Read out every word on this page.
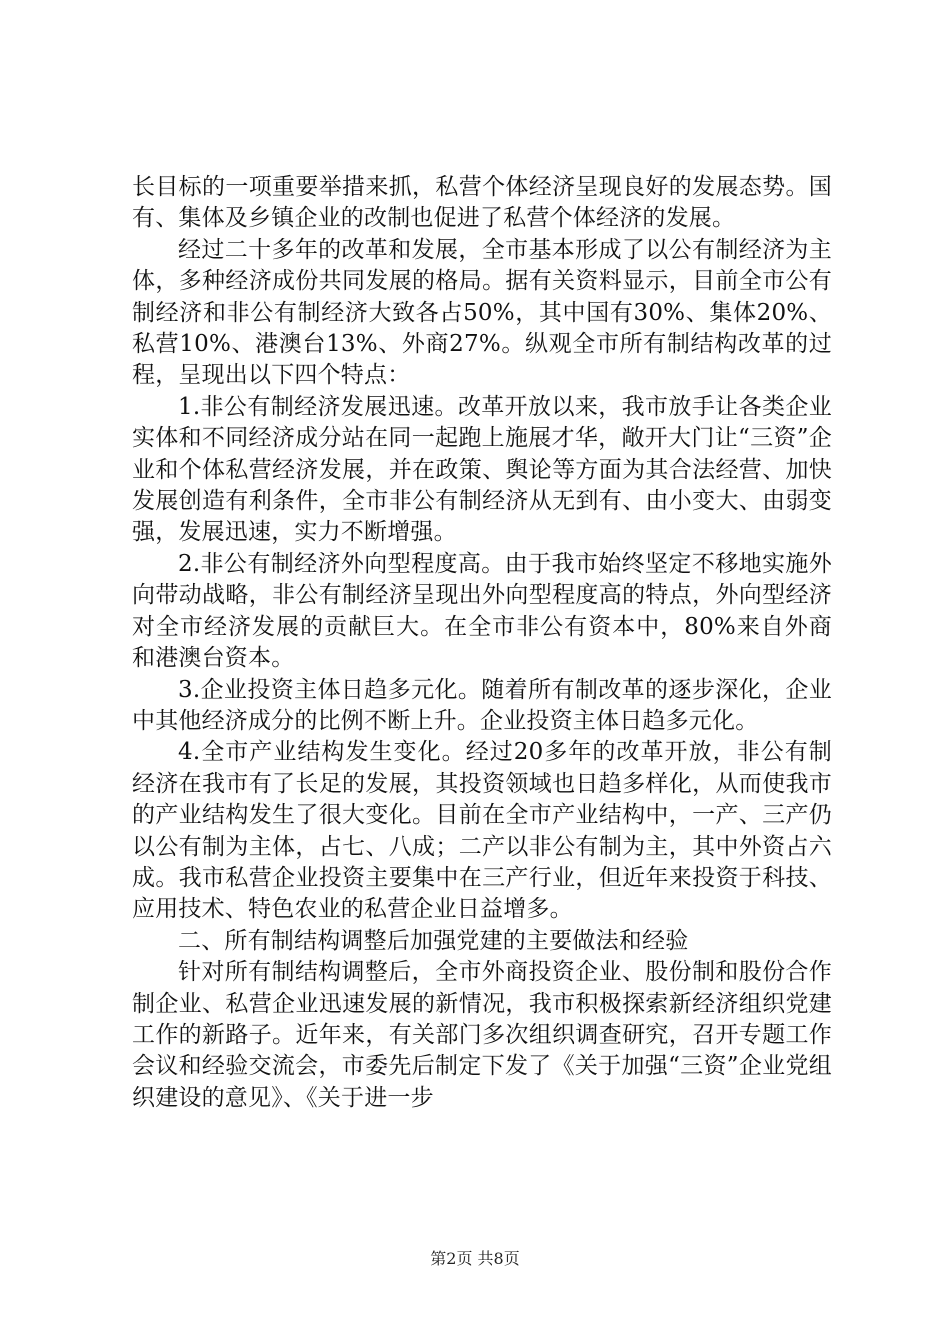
长目标的一项重要举措来抓，私营个体经济呈现良好的发展态势。国有、集体及乡镇企业的改制也促进了私营个体经济的发展。

经过二十多年的改革和发展，全市基本形成了以公有制经济为主体，多种经济成份共同发展的格局。据有关资料显示，目前全市公有制经济和非公有制经济大致各占50%，其中国有30%、集体20%、私营10%、港澳台13%、外商27%。纵观全市所有制结构改革的过程，呈现出以下四个特点：

1.非公有制经济发展迅速。改革开放以来，我市放手让各类企业实体和不同经济成分站在同一起跑上施展才华，敞开大门让“三资”企业和个体私营经济发展，并在政策、舆论等方面为其合法经营、加快发展创造有利条件，全市非公有制经济从无到有、由小变大、由弱变强，发展迅速，实力不断增强。

2.非公有制经济外向型程度高。由于我市始终坚定不移地实施外向带动战略，非公有制经济呈现出外向型程度高的特点，外向型经济对全市经济发展的贡献巨大。在全市非公有资本中，80%来自外商和港澳台资本。

3.企业投资主体日趋多元化。随着所有制改革的逐步深化，企业中其他经济成分的比例不断上升。企业投资主体日趋多元化。

4.全市产业结构发生变化。经过20多年的改革开放，非公有制经济在我市有了长足的发展，其投资领域也日趋多样化，从而使我市的产业结构发生了很大变化。目前在全市产业结构中，一产、三产仍以公有制为主体，占七、八成；二产以非公有制为主，其中外资占六成。我市私营企业投资主要集中在三产行业，但近年来投资于科技、应用技术、特色农业的私营企业日益增多。

二、所有制结构调整后加强党建的主要做法和经验

针对所有制结构调整后，全市外商投资企业、股份制和股份合作制企业、私营企业迅速发展的新情况，我市积极探索新经济组织党建工作的新路子。近年来，有关部门多次组织调查研究，召开专题工作会议和经验交流会，市委先后制定下发了《关于加强“三资”企业党组织建设的意见》、《关于进一步

第2页 共8页
